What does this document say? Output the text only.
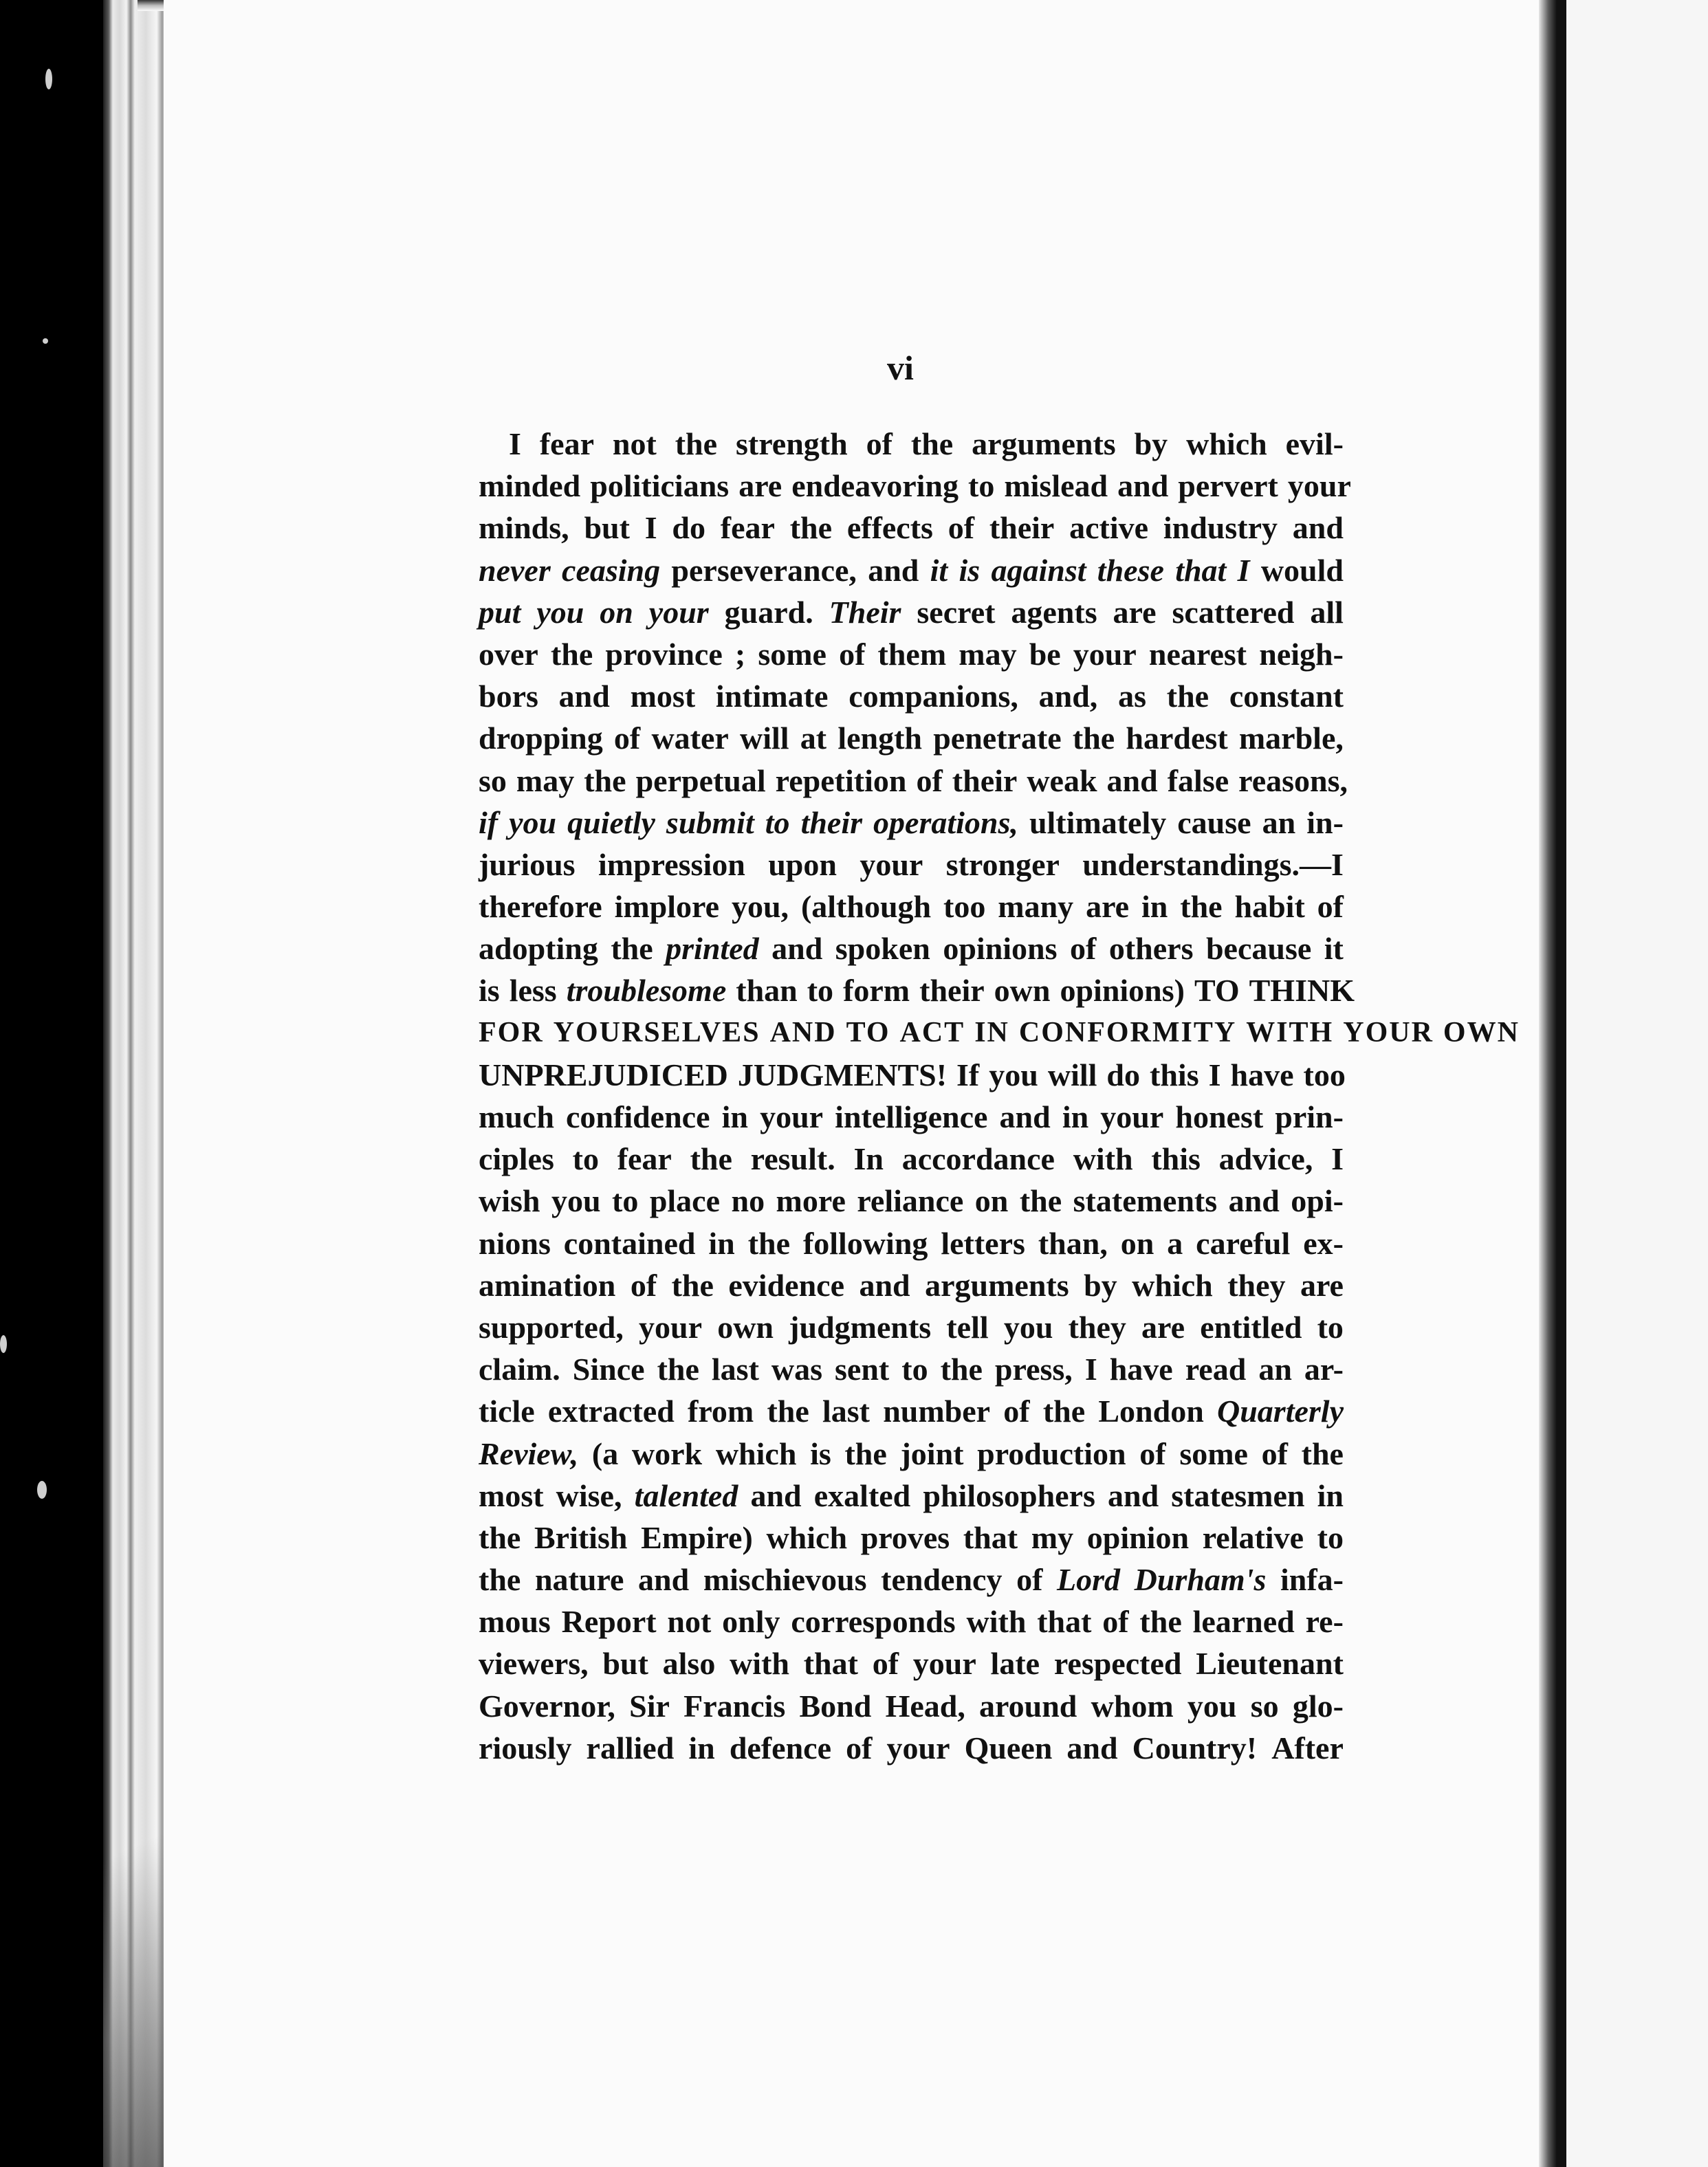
vi
I fear not the strength of the arguments by which evil-
minded politicians are endeavoring to mislead and pervert your
minds, but I do fear the effects of their active industry and
never ceasing perseverance, and it is against these that I would
put you on your guard. Their secret agents are scattered all
over the province ; some of them may be your nearest neigh-
bors and most intimate companions, and, as the constant
dropping of water will at length penetrate the hardest marble,
so may the perpetual repetition of their weak and false reasons,
if you quietly submit to their operations, ultimately cause an in-
jurious impression upon your stronger understandings.—I
therefore implore you, (although too many are in the habit of
adopting the printed and spoken opinions of others because it
is less troublesome than to form their own opinions) TO THINK
FOR YOURSELVES AND TO ACT IN CONFORMITY WITH YOUR OWN
UNPREJUDICED JUDGMENTS! If you will do this I have too
much confidence in your intelligence and in your honest prin-
ciples to fear the result. In accordance with this advice, I
wish you to place no more reliance on the statements and opi-
nions contained in the following letters than, on a careful ex-
amination of the evidence and arguments by which they are
supported, your own judgments tell you they are entitled to
claim. Since the last was sent to the press, I have read an ar-
ticle extracted from the last number of the London Quarterly
Review, (a work which is the joint production of some of the
most wise, talented and exalted philosophers and statesmen in
the British Empire) which proves that my opinion relative to
the nature and mischievous tendency of Lord Durham's infa-
mous Report not only corresponds with that of the learned re-
viewers, but also with that of your late respected Lieutenant
Governor, Sir Francis Bond Head, around whom you so glo-
riously rallied in defence of your Queen and Country! After
